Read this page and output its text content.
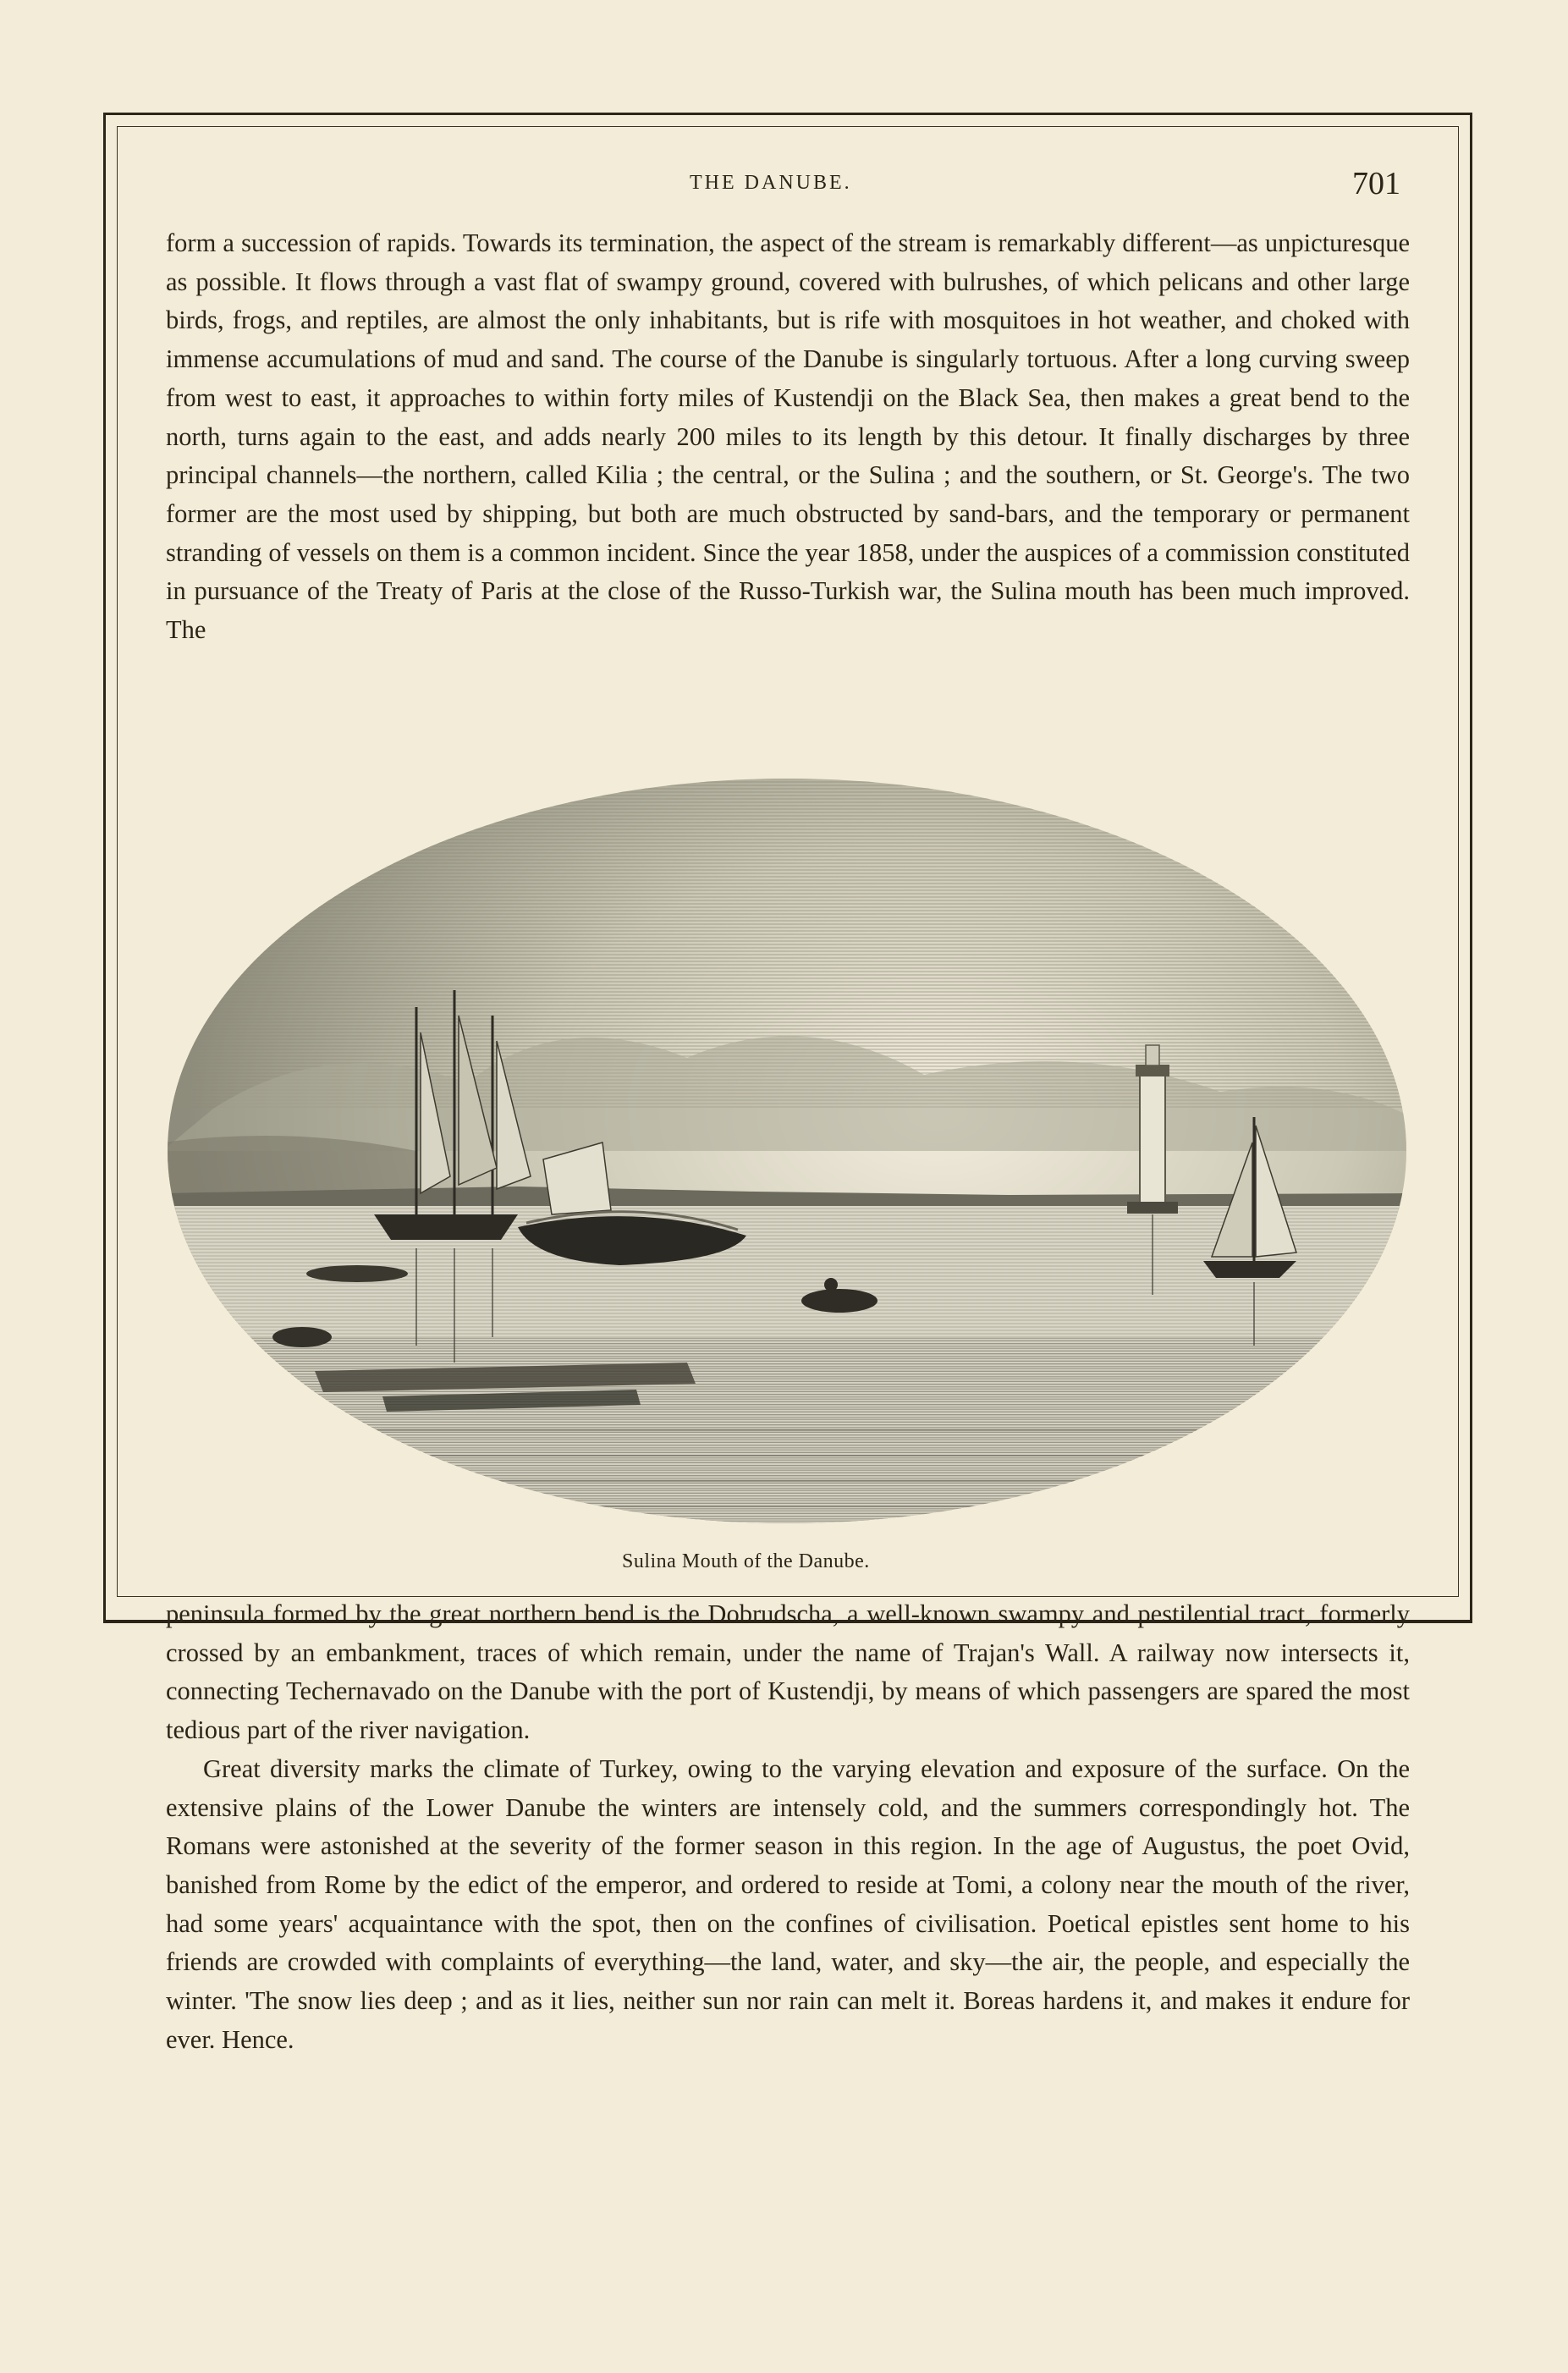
THE DANUBE.	701

form a succession of rapids. Towards its termination, the aspect of the stream is remarkably different—as unpicturesque as possible. It flows through a vast flat of swampy ground, covered with bulrushes, of which pelicans and other large birds, frogs, and reptiles, are almost the only inhabitants, but is rife with mosquitoes in hot weather, and choked with immense accumulations of mud and sand. The course of the Danube is singularly tortuous. After a long curving sweep from west to east, it approaches to within forty miles of Kustendji on the Black Sea, then makes a great bend to the north, turns again to the east, and adds nearly 200 miles to its length by this detour. It finally discharges by three principal channels—the northern, called Kilia ; the central, or the Sulina ; and the southern, or St. George's. The two former are the most used by shipping, but both are much obstructed by sand-bars, and the temporary or permanent stranding of vessels on them is a common incident. Since the year 1858, under the auspices of a commission constituted in pursuance of the Treaty of Paris at the close of the Russo-Turkish war, the Sulina mouth has been much improved. The

Sulina Mouth of the Danube.

peninsula formed by the great northern bend is the Dobrudscha, a well-known swampy and pestilential tract, formerly crossed by an embankment, traces of which remain, under the name of Trajan's Wall. A railway now intersects it, connecting Techernavado on the Danube with the port of Kustendji, by means of which passengers are spared the most tedious part of the river navigation.

Great diversity marks the climate of Turkey, owing to the varying elevation and exposure of the surface. On the extensive plains of the Lower Danube the winters are intensely cold, and the summers correspondingly hot. The Romans were astonished at the severity of the former season in this region. In the age of Augustus, the poet Ovid, banished from Rome by the edict of the emperor, and ordered to reside at Tomi, a colony near the mouth of the river, had some years' acquaintance with the spot, then on the confines of civilisation. Poetical epistles sent home to his friends are crowded with complaints of everything—the land, water, and sky—the air, the people, and especially the winter. 'The snow lies deep ; and as it lies, neither sun nor rain can melt it. Boreas hardens it, and makes it endure for ever. Hence.
